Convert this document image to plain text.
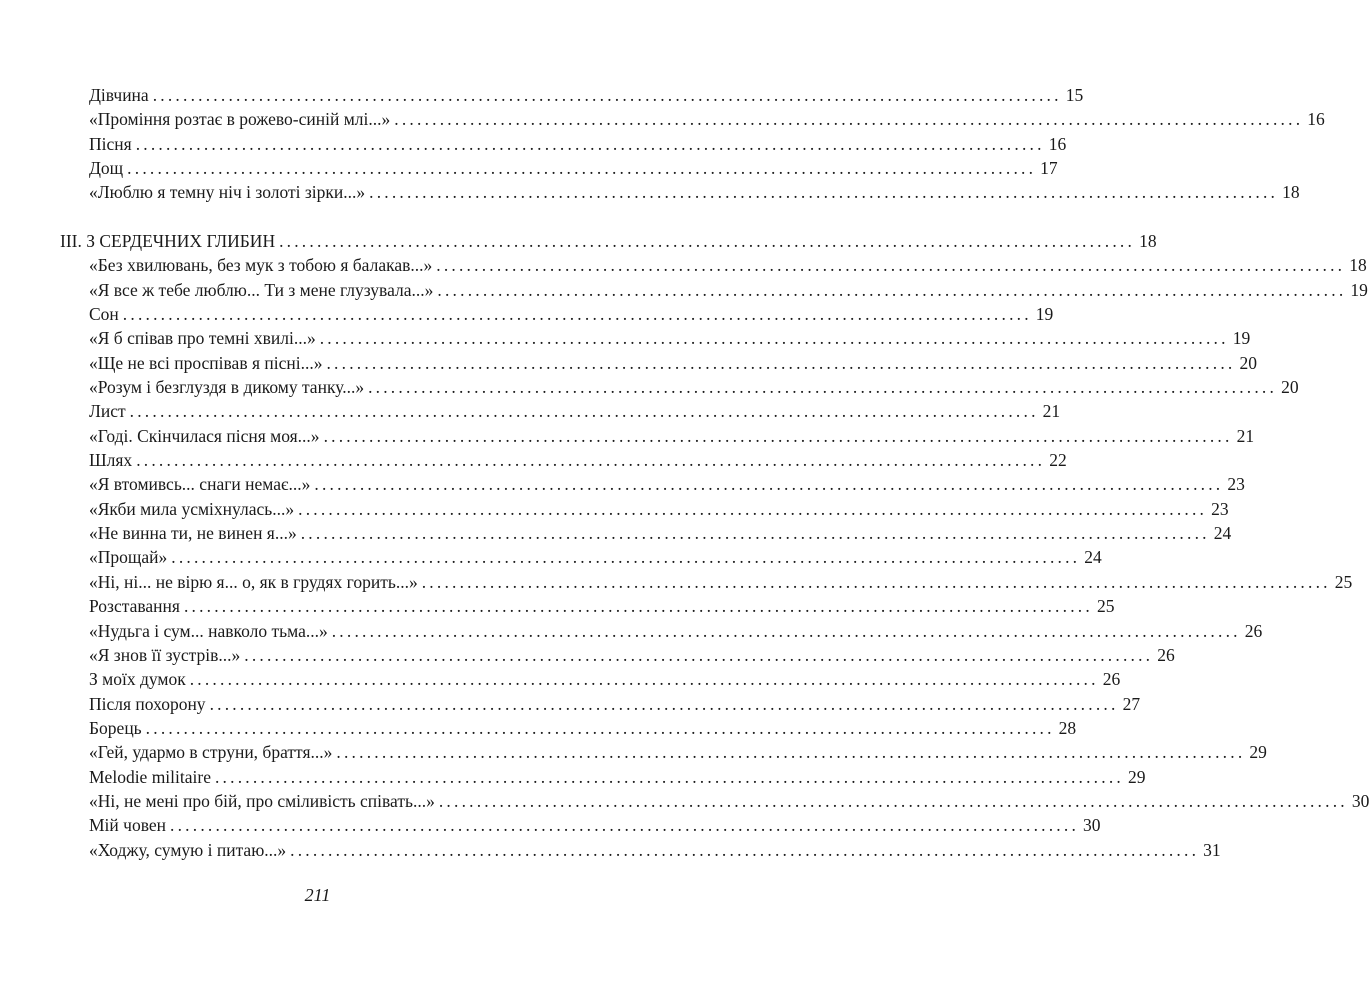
Дівчина ........................................................................................................................ 15
«Проміння розтає в рожево-синій млі...» ........................................................................................................................ 16
Пісня ........................................................................................................................ 16
Дощ ........................................................................................................................ 17
«Люблю я темну ніч і золоті зірки...» ........................................................................................................................ 18
III. З СЕРДЕЧНИХ ГЛИБИН ................................................................................................................. 18
«Без хвилювань, без мук з тобою я балакав...» ........................................................................................................................ 18
«Я все ж тебе люблю... Ти з мене глузувала...» ........................................................................................................................ 19
Сон ........................................................................................................................ 19
«Я б співав про темні хвилі...» ........................................................................................................................ 19
«Ще не всі проспівав я пісні...» ........................................................................................................................ 20
«Розум і безглуздя в дикому танку...» ........................................................................................................................ 20
Лист ........................................................................................................................ 21
«Годі. Скінчилася пісня моя...» ........................................................................................................................ 21
Шлях ........................................................................................................................ 22
«Я втомивсь... снаги немає...» ........................................................................................................................ 23
«Якби мила усміхнулась...» ........................................................................................................................ 23
«Не винна ти, не винен я...» ........................................................................................................................ 24
«Прощай» ........................................................................................................................ 24
«Ні, ні... не вірю я... о, як в грудях горить...» ........................................................................................................................ 25
Розставання ........................................................................................................................ 25
«Нудьга і сум... навколо тьма...» ........................................................................................................................ 26
«Я знов її зустрів...» ........................................................................................................................ 26
З моїх думок ........................................................................................................................ 26
Після похорону ........................................................................................................................ 27
Борець ........................................................................................................................ 28
«Гей, удармо в струни, браття...» ........................................................................................................................ 29
Melodie militaire ........................................................................................................................ 29
«Ні, не мені про бій, про сміливість співать...» ........................................................................................................................ 30
Мій човен ........................................................................................................................ 30
«Ходжу, сумую і питаю...» ........................................................................................................................ 31
211
